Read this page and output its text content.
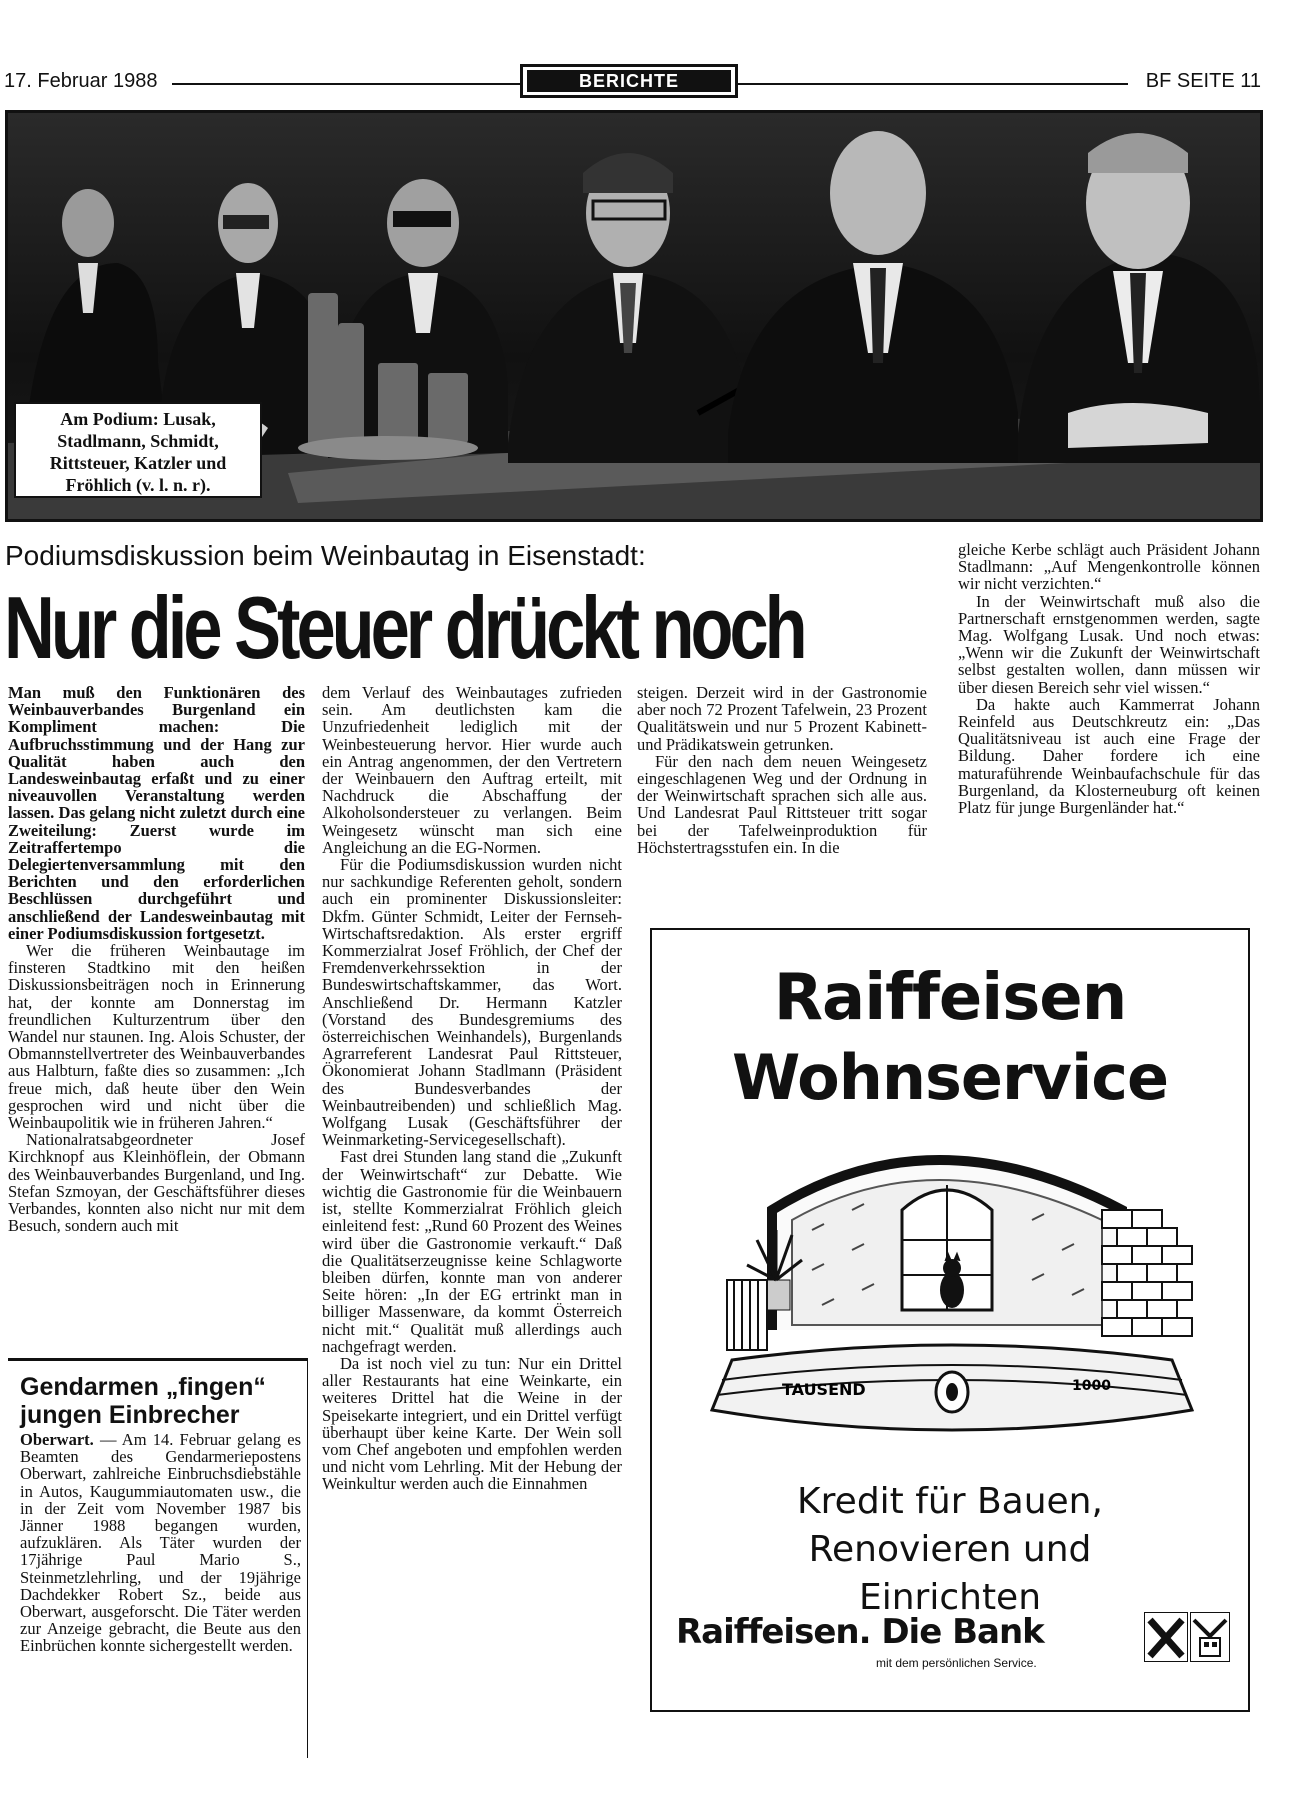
17. Februar 1988	BERICHTE	BF SEITE 11
Am Podium: Lusak, Stadlmann, Schmidt, Rittsteuer, Katzler und Fröhlich (v. l. n. r).
Podiumsdiskussion beim Weinbautag in Eisenstadt:
Nur die Steuer drückt noch

Man muß den Funktionären des Weinbauverbandes Burgenland ein Kompliment machen: Die Aufbruchsstimmung und der Hang zur Qualität haben auch den Landesweinbautag erfaßt und zu einer niveauvollen Veranstaltung werden lassen. Das gelang nicht zuletzt durch eine Zweiteilung: Zuerst wurde im Zeitraffertempo die Delegiertenversammlung mit den Berichten und den erforderlichen Beschlüssen durchgeführt und anschließend der Landesweinbautag mit einer Podiumsdiskussion fortgesetzt.

Wer die früheren Weinbautage im finsteren Stadtkino mit den heißen Diskussionsbeiträgen noch in Erinnerung hat, der konnte am Donnerstag im freundlichen Kulturzentrum über den Wandel nur staunen. Ing. Alois Schuster, der Obmannstellvertreter des Weinbauverbandes aus Halbturn, faßte dies so zusammen: „Ich freue mich, daß heute über den Wein gesprochen wird und nicht über die Weinbaupolitik wie in früheren Jahren.“

Nationalratsabgeordneter Josef Kirchknopf aus Kleinhöflein, der Obmann des Weinbauverbandes Burgenland, und Ing. Stefan Szmoyan, der Geschäftsführer dieses Verbandes, konnten also nicht nur mit dem Besuch, sondern auch mit

dem Verlauf des Weinbautages zufrieden sein. Am deutlichsten kam die Unzufriedenheit lediglich mit der Weinbesteuerung hervor. Hier wurde auch ein Antrag angenommen, der den Vertretern der Weinbauern den Auftrag erteilt, mit Nachdruck die Abschaffung der Alkoholsondersteuer zu verlangen. Beim Weingesetz wünscht man sich eine Angleichung an die EG-Normen.

Für die Podiumsdiskussion wurden nicht nur sachkundige Referenten geholt, sondern auch ein prominenter Diskussionsleiter: Dkfm. Günter Schmidt, Leiter der Fernseh-Wirtschaftsredaktion. Als erster ergriff Kommerzialrat Josef Fröhlich, der Chef der Fremdenverkehrssektion in der Bundeswirtschaftskammer, das Wort. Anschließend Dr. Hermann Katzler (Vorstand des Bundesgremiums des österreichischen Weinhandels), Burgenlands Agrarreferent Landesrat Paul Rittsteuer, Ökonomierat Johann Stadlmann (Präsident des Bundesverbandes der Weinbautreibenden) und schließlich Mag. Wolfgang Lusak (Geschäftsführer der Weinmarketing-Servicegesellschaft).

Fast drei Stunden lang stand die „Zukunft der Weinwirtschaft“ zur Debatte. Wie wichtig die Gastronomie für die Weinbauern ist, stellte Kommerzialrat Fröhlich gleich einleitend fest: „Rund 60 Prozent des Weines wird über die Gastronomie verkauft.“ Daß die Qualitätserzeugnisse keine Schlagworte bleiben dürfen, konnte man von anderer Seite hören: „In der EG ertrinkt man in billiger Massenware, da kommt Österreich nicht mit.“ Qualität muß allerdings auch nachgefragt werden.

Da ist noch viel zu tun: Nur ein Drittel aller Restaurants hat eine Weinkarte, ein weiteres Drittel hat die Weine in der Speisekarte integriert, und ein Drittel verfügt überhaupt über keine Karte. Der Wein soll vom Chef angeboten und empfohlen werden und nicht vom Lehrling. Mit der Hebung der Weinkultur werden auch die Einnahmen

steigen. Derzeit wird in der Gastronomie aber noch 72 Prozent Tafelwein, 23 Prozent Qualitätswein und nur 5 Prozent Kabinett- und Prädikatswein getrunken.

Für den nach dem neuen Weingesetz eingeschlagenen Weg und der Ordnung in der Weinwirtschaft sprachen sich alle aus. Und Landesrat Paul Rittsteuer tritt sogar bei der Tafelweinproduktion für Höchstertragsstufen ein. In die

gleiche Kerbe schlägt auch Präsident Johann Stadlmann: „Auf Mengenkontrolle können wir nicht verzichten.“

In der Weinwirtschaft muß also die Partnerschaft ernstgenommen werden, sagte Mag. Wolfgang Lusak. Und noch etwas: „Wenn wir die Zukunft der Weinwirtschaft selbst gestalten wollen, dann müssen wir über diesen Bereich sehr viel wissen.“

Da hakte auch Kammerrat Johann Reinfeld aus Deutschkreutz ein: „Das Qualitätsniveau ist auch eine Frage der Bildung. Daher fordere ich eine maturaführende Weinbaufachschule für das Burgenland, da Klosterneuburg oft keinen Platz für junge Burgenländer hat.“

Gendarmen „fingen“ jungen Einbrecher

Oberwart. — Am 14. Februar gelang es Beamten des Gendarmeriepostens Oberwart, zahlreiche Einbruchsdiebstähle in Autos, Kaugummiautomaten usw., die in der Zeit vom November 1987 bis Jänner 1988 begangen wurden, aufzuklären. Als Täter wurden der 17jährige Paul Mario S., Steinmetzlehrling, und der 19jährige Dachdekker Robert Sz., beide aus Oberwart, ausgeforscht. Die Täter werden zur Anzeige gebracht, die Beute aus den Einbrüchen konnte sichergestellt werden.

Raiffeisen
Wohnservice
TAUSEND	1000
Kredit für Bauen,
Renovieren und
Einrichten
Raiffeisen. Die Bank
mit dem persönlichen Service.
